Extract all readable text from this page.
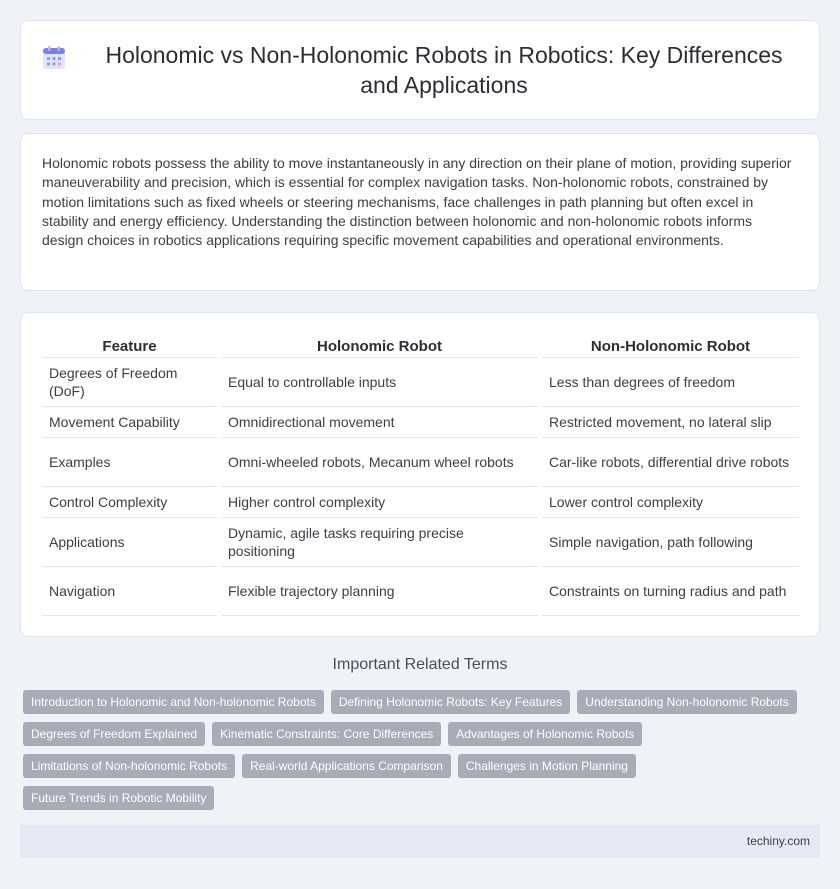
Holonomic vs Non-Holonomic Robots in Robotics: Key Differences and Applications

Holonomic robots possess the ability to move instantaneously in any direction on their plane of motion, providing superior maneuverability and precision, which is essential for complex navigation tasks. Non-holonomic robots, constrained by motion limitations such as fixed wheels or steering mechanisms, face challenges in path planning but often excel in stability and energy efficiency. Understanding the distinction between holonomic and non-holonomic robots informs design choices in robotics applications requiring specific movement capabilities and operational environments.

Feature		Holonomic Robot		Non-Holonomic Robot
Degrees of Freedom (DoF)		Equal to controllable inputs		Less than degrees of freedom
Movement Capability		Omnidirectional movement		Restricted movement, no lateral slip
Examples		Omni-wheeled robots, Mecanum wheel robots		Car-like robots, differential drive robots
Control Complexity		Higher control complexity		Lower control complexity
Applications		Dynamic, agile tasks requiring precise positioning		Simple navigation, path following
Navigation		Flexible trajectory planning		Constraints on turning radius and path
Important Related Terms
Introduction to Holonomic and Non-holonomic Robots	Defining Holonomic Robots: Key Features	Understanding Non-holonomic Robots
Degrees of Freedom Explained	Kinematic Constraints: Core Differences	Advantages of Holonomic Robots
Limitations of Non-holonomic Robots	Real-world Applications Comparison	Challenges in Motion Planning
Future Trends in Robotic Mobility
techiny.com
